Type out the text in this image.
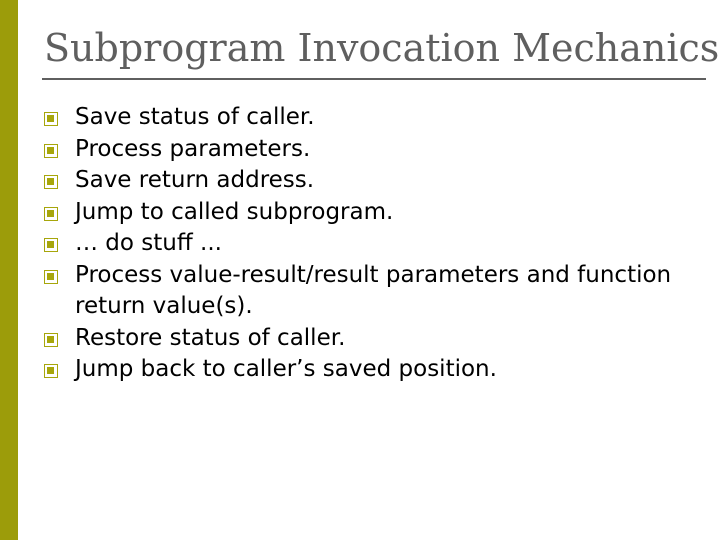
Subprogram Invocation Mechanics
Save status of caller.
Process parameters.
Save return address.
Jump to called subprogram.
… do stuff ...
Process value-result/result parameters and function return value(s).
Restore status of caller.
Jump back to caller’s saved position.
